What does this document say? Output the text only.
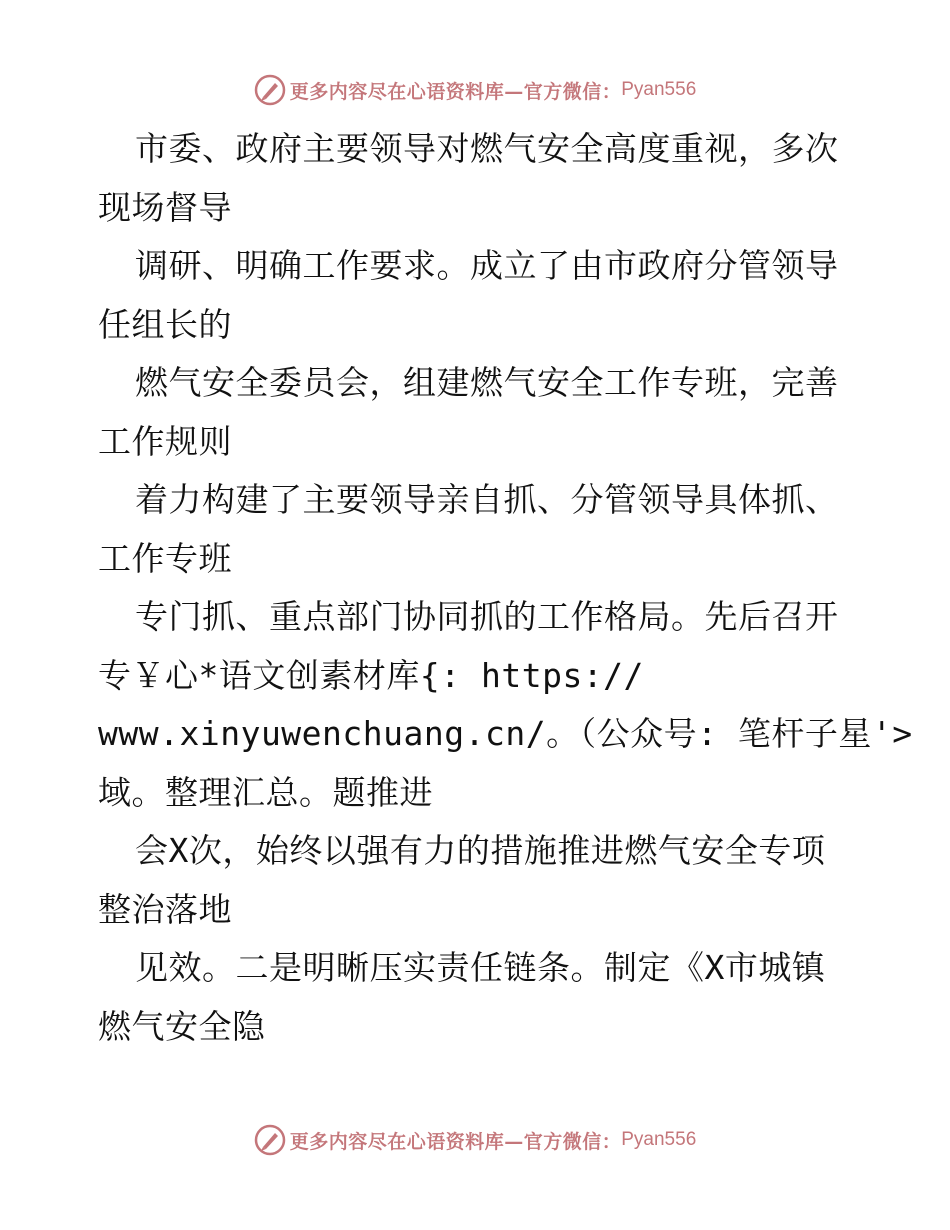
更多内容尽在心语资料库—官方微信： Pyan556
市委、政府主要领导对燃气安全高度重视，多次
现场督导
调研、明确工作要求。成立了由市政府分管领导
任组长的
燃气安全委员会，组建燃气安全工作专班，完善
工作规则
着力构建了主要领导亲自抓、分管领导具体抓、
工作专班
专门抓、重点部门协同抓的工作格局。先后召开
专￥心*语文创素材库{: https://
www.xinyuwenchuang.cn/。（公众号: 笔杆子星'>
域。整理汇总。题推进
会X次，始终以强有力的措施推进燃气安全专项
整治落地
见效。二是明晰压实责任链条。制定《X市城镇
燃气安全隐
更多内容尽在心语资料库—官方微信： Pyan556
